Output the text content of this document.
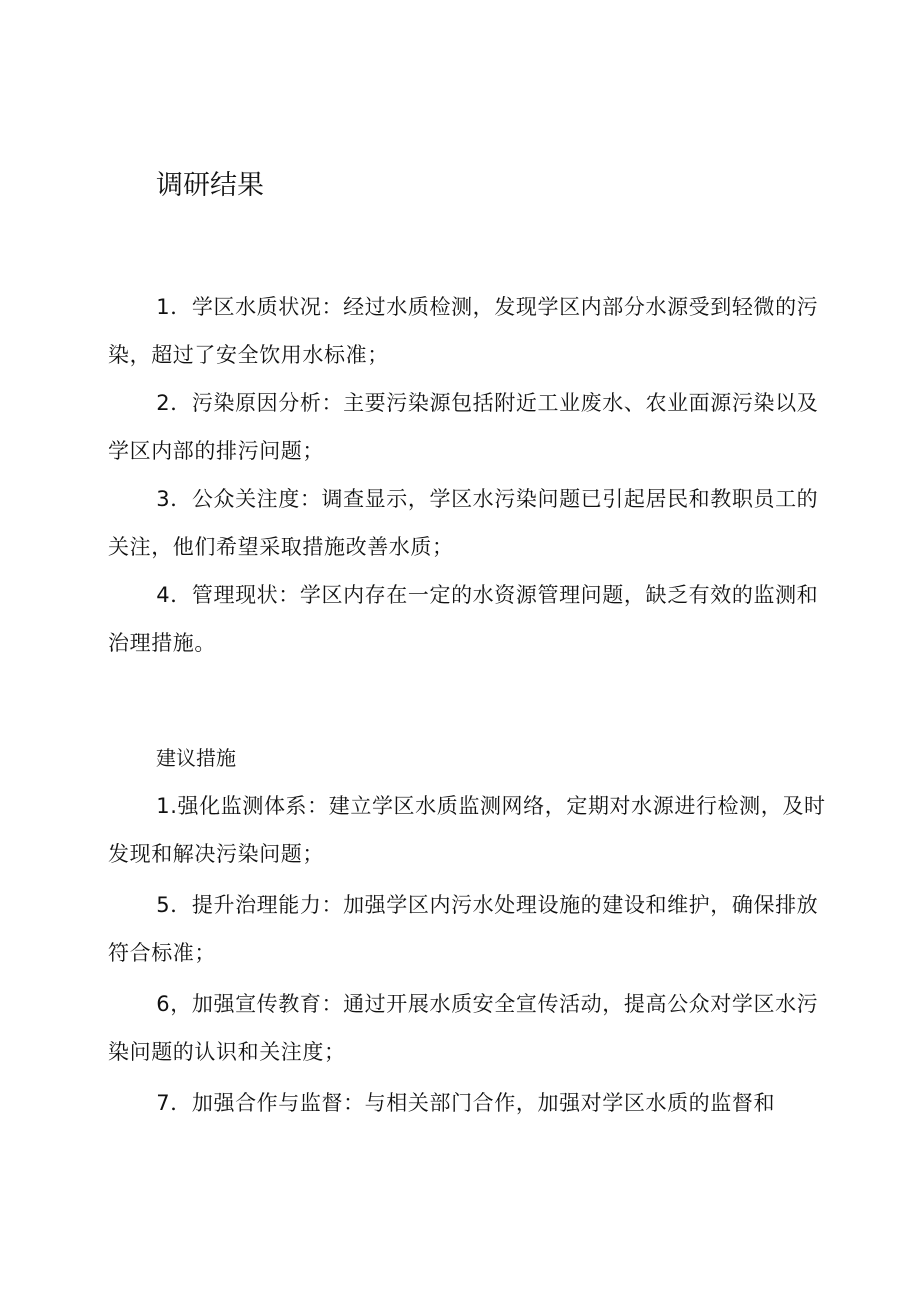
调研结果

1．学区水质状况：经过水质检测，发现学区内部分水源受到轻微的污染，超过了安全饮用水标准；

2．污染原因分析：主要污染源包括附近工业废水、农业面源污染以及学区内部的排污问题；

3．公众关注度：调查显示，学区水污染问题已引起居民和教职员工的关注，他们希望采取措施改善水质；

4．管理现状：学区内存在一定的水资源管理问题，缺乏有效的监测和治理措施。

建议措施

1.强化监测体系：建立学区水质监测网络，定期对水源进行检测，及时发现和解决污染问题；

5．提升治理能力：加强学区内污水处理设施的建设和维护，确保排放符合标准；

6，加强宣传教育：通过开展水质安全宣传活动，提高公众对学区水污染问题的认识和关注度；

7．加强合作与监督：与相关部门合作，加强对学区水质的监督和
